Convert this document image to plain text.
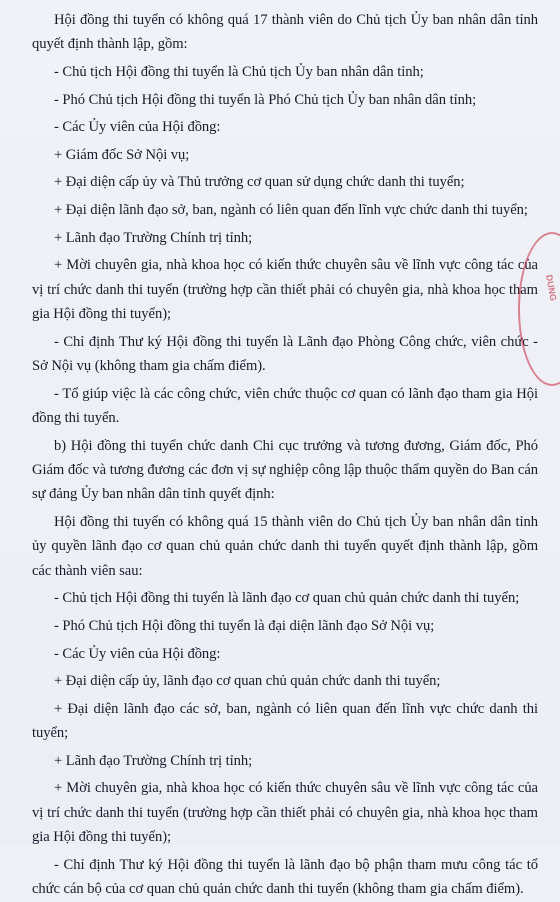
Hội đồng thi tuyển có không quá 17 thành viên do Chủ tịch Ủy ban nhân dân tỉnh quyết định thành lập, gồm:

- Chủ tịch Hội đồng thi tuyển là Chủ tịch Ủy ban nhân dân tỉnh;

- Phó Chủ tịch Hội đồng thi tuyển là Phó Chủ tịch Ủy ban nhân dân tỉnh;

- Các Ủy viên của Hội đồng:

+ Giám đốc Sở Nội vụ;

+ Đại diện cấp ủy và Thủ trưởng cơ quan sử dụng chức danh thi tuyển;

+ Đại diện lãnh đạo sở, ban, ngành có liên quan đến lĩnh vực chức danh thi tuyển;

+ Lãnh đạo Trường Chính trị tỉnh;

+ Mời chuyên gia, nhà khoa học có kiến thức chuyên sâu về lĩnh vực công tác của vị trí chức danh thi tuyển (trường hợp cần thiết phải có chuyên gia, nhà khoa học tham gia Hội đồng thi tuyển);

- Chỉ định Thư ký Hội đồng thi tuyển là Lãnh đạo Phòng Công chức, viên chức - Sở Nội vụ (không tham gia chấm điểm).

- Tổ giúp việc là các công chức, viên chức thuộc cơ quan có lãnh đạo tham gia Hội đồng thi tuyển.

b) Hội đồng thi tuyển chức danh Chi cục trưởng và tương đương, Giám đốc, Phó Giám đốc và tương đương các đơn vị sự nghiệp công lập thuộc thẩm quyền do Ban cán sự đảng Ủy ban nhân dân tỉnh quyết định:

Hội đồng thi tuyển có không quá 15 thành viên do Chủ tịch Ủy ban nhân dân tỉnh ủy quyền lãnh đạo cơ quan chủ quản chức danh thi tuyển quyết định thành lập, gồm các thành viên sau:

- Chủ tịch Hội đồng thi tuyển là lãnh đạo cơ quan chủ quản chức danh thi tuyển;

- Phó Chủ tịch Hội đồng thi tuyển là đại diện lãnh đạo Sở Nội vụ;

- Các Ủy viên của Hội đồng:

+ Đại diện cấp ủy, lãnh đạo cơ quan chủ quản chức danh thi tuyển;

+ Đại diện lãnh đạo các sở, ban, ngành có liên quan đến lĩnh vực chức danh thi tuyển;

+ Lãnh đạo Trường Chính trị tỉnh;

+ Mời chuyên gia, nhà khoa học có kiến thức chuyên sâu về lĩnh vực công tác của vị trí chức danh thi tuyển (trường hợp cần thiết phải có chuyên gia, nhà khoa học tham gia Hội đồng thi tuyển);

- Chỉ định Thư ký Hội đồng thi tuyển là lãnh đạo bộ phận tham mưu công tác tổ chức cán bộ của cơ quan chủ quản chức danh thi tuyển (không tham gia chấm điểm).

DUNG
